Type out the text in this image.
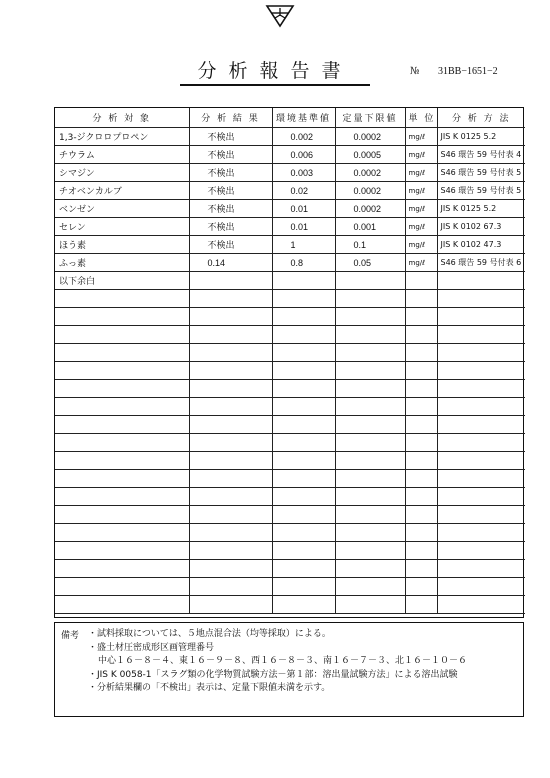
分析報告書	№ 31BB−1651−2
分 析 対 象	分 析 結 果	環境基準値	定量下限値	単 位	分 析 方 法
1,3-ジクロロプロペン	不検出	0.002	0.0002	mg/ℓ	JIS K 0125 5.2
チウラム	不検出	0.006	0.0005	mg/ℓ	S46 環告 59 号付表 4
シマジン	不検出	0.003	0.0002	mg/ℓ	S46 環告 59 号付表 5
チオベンカルブ	不検出	0.02	0.0002	mg/ℓ	S46 環告 59 号付表 5
ベンゼン	不検出	0.01	0.0002	mg/ℓ	JIS K 0125 5.2
セレン	不検出	0.01	0.001	mg/ℓ	JIS K 0102 67.3
ほう素	不検出	1	0.1	mg/ℓ	JIS K 0102 47.3
ふっ素	0.14	0.8	0.05	mg/ℓ	S46 環告 59 号付表 6
以下余白					

備考 ・試料採取については、５地点混合法（均等採取）による。
・盛土材圧密成形区画管理番号
中心１６－８－４、東１６－９－８、西１６－８－３、南１６－７－３、北１６－１０－６
・JIS K 0058-1「スラグ類の化学物質試験方法－第１部：溶出量試験方法」による溶出試験
・分析結果欄の「不検出」表示は、定量下限値未満を示す。
